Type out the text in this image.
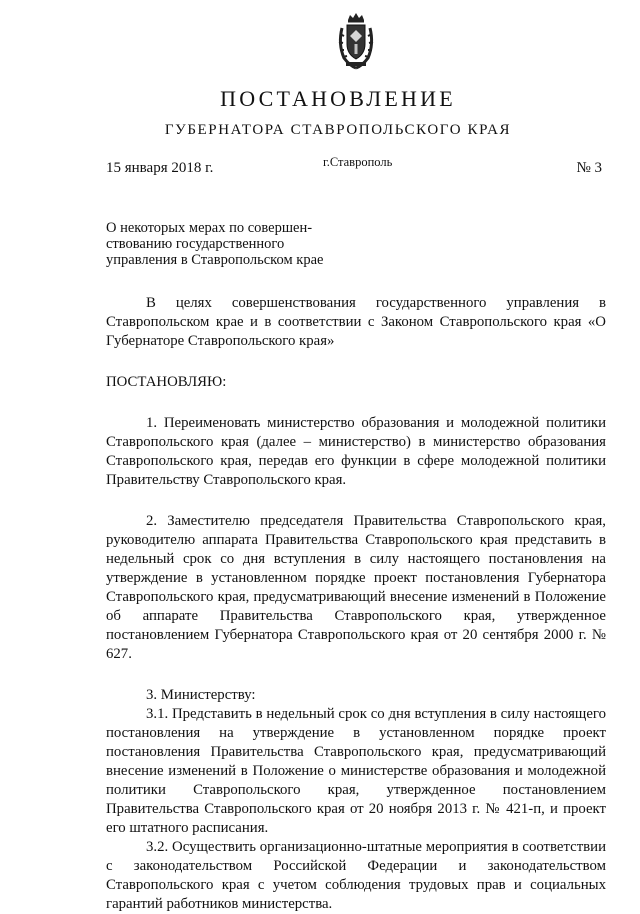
ПОСТАНОВЛЕНИЕ
ГУБЕРНАТОРА СТАВРОПОЛЬСКОГО КРАЯ
15 января 2018 г.	г.Ставрополь	№ 3
О некоторых мерах по совершен-
ствованию государственного
управления в Ставропольском крае

В целях совершенствования государственного управления в Ставропольском крае и в соответствии с Законом Ставропольского края «О Губернаторе Ставропольского края»

ПОСТАНОВЛЯЮ:

1. Переименовать министерство образования и молодежной политики Ставропольского края (далее – министерство) в министерство образования Ставропольского края, передав его функции в сфере молодежной политики Правительству Ставропольского края.

2. Заместителю председателя Правительства Ставропольского края, руководителю аппарата Правительства Ставропольского края представить в недельный срок со дня вступления в силу настоящего постановления на утверждение в установленном порядке проект постановления Губернатора Ставропольского края, предусматривающий внесение изменений в Положение об аппарате Правительства Ставропольского края, утвержденное постановлением Губернатора Ставропольского края от 20 сентября 2000 г. № 627.

3. Министерству:

3.1. Представить в недельный срок со дня вступления в силу настоящего постановления на утверждение в установленном порядке проект постановления Правительства Ставропольского края, предусматривающий внесение изменений в Положение о министерстве образования и молодежной политики Ставропольского края, утвержденное постановлением Правительства Ставропольского края от 20 ноября 2013 г. № 421-п, и проект его штатного расписания.

3.2. Осуществить организационно-штатные мероприятия в соответствии с законодательством Российской Федерации и законодательством Ставропольского края с учетом соблюдения трудовых прав и социальных гарантий работников министерства.
